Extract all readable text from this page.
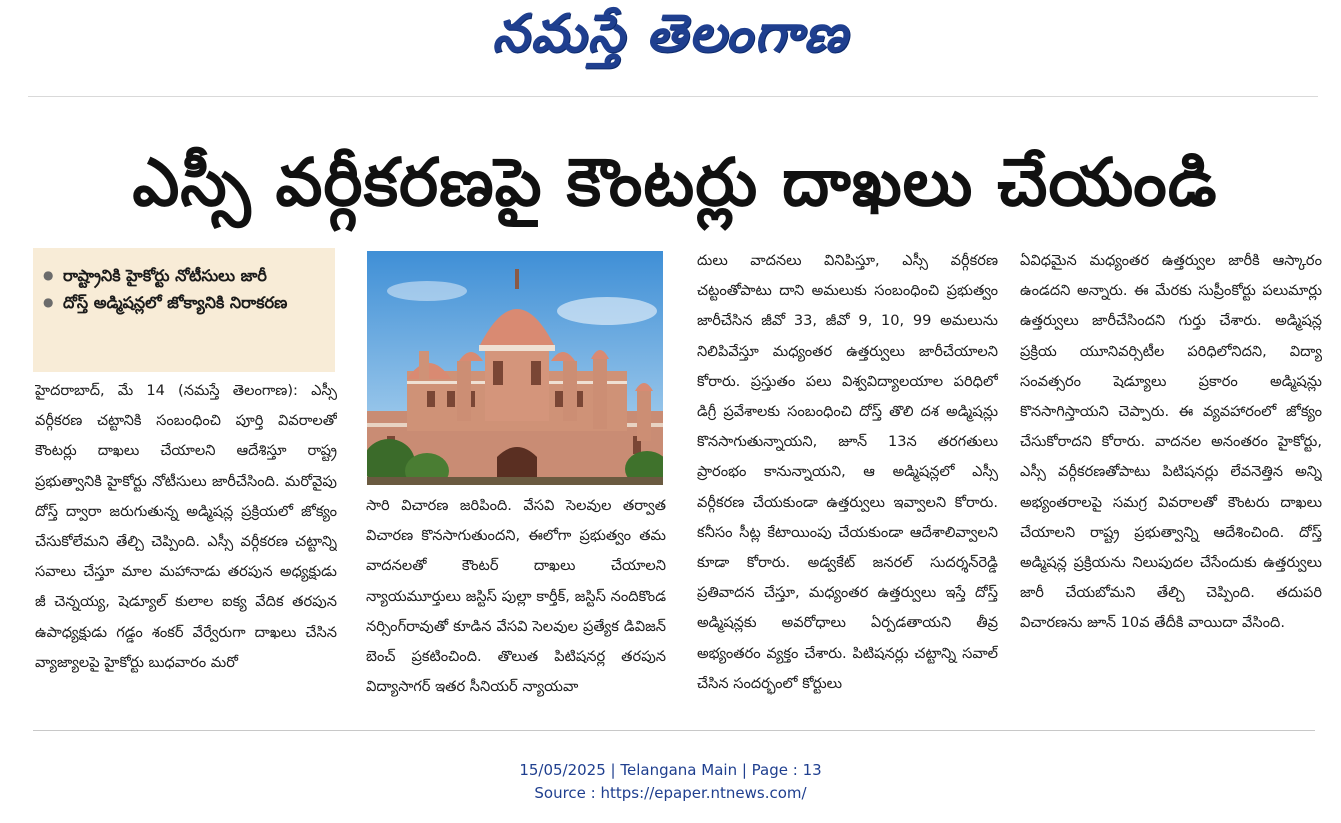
నమస్తే తెలంగాణ
ఎస్సీ వర్గీకరణపై కౌంటర్లు దాఖలు చేయండి
● రాష్ట్రానికి హైకోర్టు నోటీసులు జారీ
● దోస్త్ అడ్మిషన్లలో జోక్యానికి నిరాకరణ

హైదరాబాద్, మే 14 (నమస్తే తెలంగాణ): ఎస్సీ వర్గీకరణ చట్టానికి సంబంధించి పూర్తి వివరాలతో కౌంటర్లు దాఖలు చేయాలని ఆదేశిస్తూ రాష్ట్ర ప్రభుత్వానికి హైకోర్టు నోటీసులు జారీచేసింది. మరోవైపు దోస్త్ ద్వారా జరుగుతున్న అడ్మిషన్ల ప్రక్రియలో జోక్యం చేసుకోలేమని తేల్చి చెప్పింది. ఎస్సీ వర్గీకరణ చట్టాన్ని సవాలు చేస్తూ మాల మహానాడు తరపున అధ్యక్షుడు జీ చెన్నయ్య, షెడ్యూల్ కులాల ఐక్య వేదిక తరపున ఉపాధ్యక్షుడు గడ్డం శంకర్ వేర్వేరుగా దాఖలు చేసిన వ్యాజ్యాలపై హైకోర్టు బుధవారం మరో

సారి విచారణ జరిపింది. వేసవి సెలవుల తర్వాత విచారణ కొనసాగుతుందని, ఈలోగా ప్రభుత్వం తమ వాదనలతో కౌంటర్ దాఖలు చేయాలని న్యాయమూర్తులు జస్టిస్ పుల్లా కార్తీక్, జస్టిస్ నందికొండ నర్సింగ్‌రావుతో కూడిన వేసవి సెలవుల ప్రత్యేక డివిజన్ బెంచ్ ప్రకటించింది. తొలుత పిటిషనర్ల తరపున విద్యాసాగర్ ఇతర సీనియర్ న్యాయవా

దులు వాదనలు వినిపిస్తూ, ఎస్సీ వర్గీకరణ చట్టంతోపాటు దాని అమలుకు సంబంధించి ప్రభుత్వం జారీచేసిన జీవో 33, జీవో 9, 10, 99 అమలును నిలిపివేస్తూ మధ్యంతర ఉత్తర్వులు జారీచేయాలని కోరారు. ప్రస్తుతం పలు విశ్వవిద్యాలయాల పరిధిలో డిగ్రీ ప్రవేశాలకు సంబంధించి దోస్త్ తొలి దశ అడ్మిషన్లు కొనసాగుతున్నాయని, జూన్ 13న తరగతులు ప్రారంభం కానున్నాయని, ఆ అడ్మిషన్లలో ఎస్సీ వర్గీకరణ చేయకుండా ఉత్తర్వులు ఇవ్వాలని కోరారు. కనీసం సీట్ల కేటాయింపు చేయకుండా ఆదేశాలివ్వాలని కూడా కోరారు. అడ్వకేట్ జనరల్ సుదర్శన్‌రెడ్డి ప్రతివాదన చేస్తూ, మధ్యంతర ఉత్తర్వులు ఇస్తే దోస్త్ అడ్మిషన్లకు అవరోధాలు ఏర్పడతాయని తీవ్ర అభ్యంతరం వ్యక్తం చేశారు. పిటిషనర్లు చట్టాన్ని సవాల్ చేసిన సందర్భంలో కోర్టులు

ఏవిధమైన మధ్యంతర ఉత్తర్వుల జారీకి ఆస్కారం ఉండదని అన్నారు. ఈ మేరకు సుప్రీంకోర్టు పలుమార్లు ఉత్తర్వులు జారీచేసిందని గుర్తు చేశారు. అడ్మిషన్ల ప్రక్రియ యూనివర్సిటీల పరిధిలోనిదని, విద్యా సంవత్సరం షెడ్యూలు ప్రకారం అడ్మిషన్లు కొనసాగిస్తాయని చెప్పారు. ఈ వ్యవహారంలో జోక్యం చేసుకోరాదని కోరారు. వాదనల అనంతరం హైకోర్టు, ఎస్సీ వర్గీకరణతోపాటు పిటిషనర్లు లేవనెత్తిన అన్ని అభ్యంతరాలపై సమగ్ర వివరాలతో కౌంటరు దాఖలు చేయాలని రాష్ట్ర ప్రభుత్వాన్ని ఆదేశించింది. దోస్త్ అడ్మిషన్ల ప్రక్రియను నిలుపుదల చేసేందుకు ఉత్తర్వులు జారీ చేయబోమని తేల్చి చెప్పింది. తదుపరి విచారణను జూన్ 10వ తేదీకి వాయిదా వేసింది.

15/05/2025 | Telangana Main | Page : 13
Source : https://epaper.ntnews.com/
